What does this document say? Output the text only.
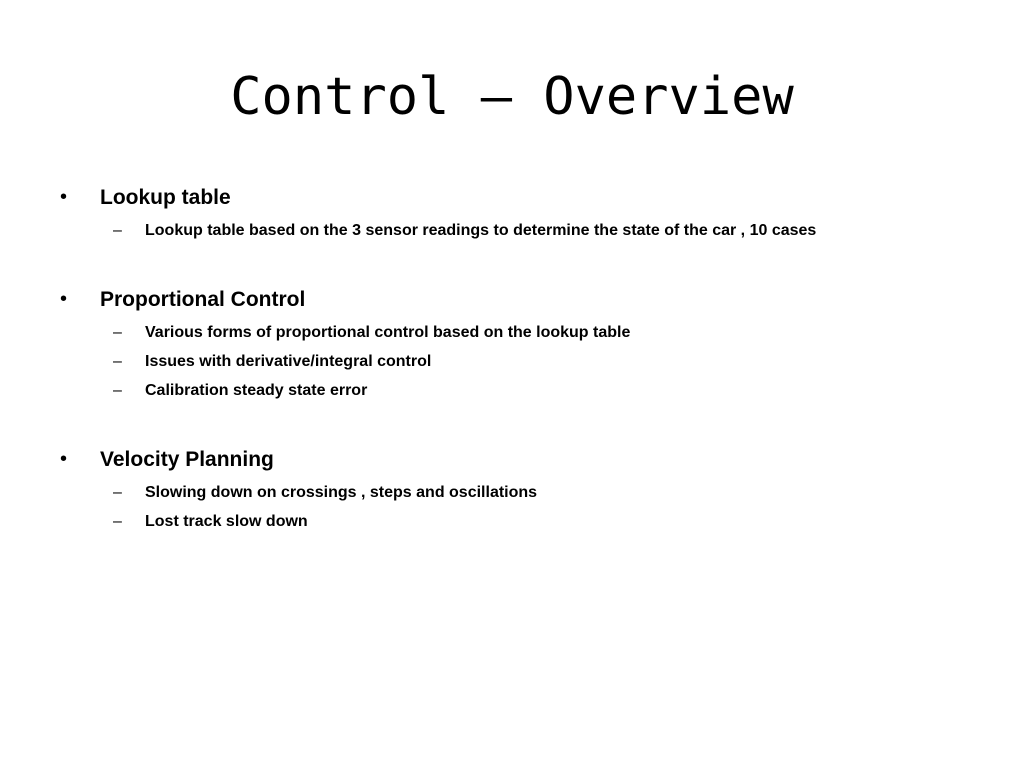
Control – Overview
• Lookup table
– Lookup table based on the 3 sensor readings to determine the state of the car , 10 cases
• Proportional Control
– Various forms of proportional control based on the lookup table
– Issues with derivative/integral control
– Calibration steady state error
• Velocity Planning
– Slowing down on crossings , steps and oscillations
– Lost track slow down
